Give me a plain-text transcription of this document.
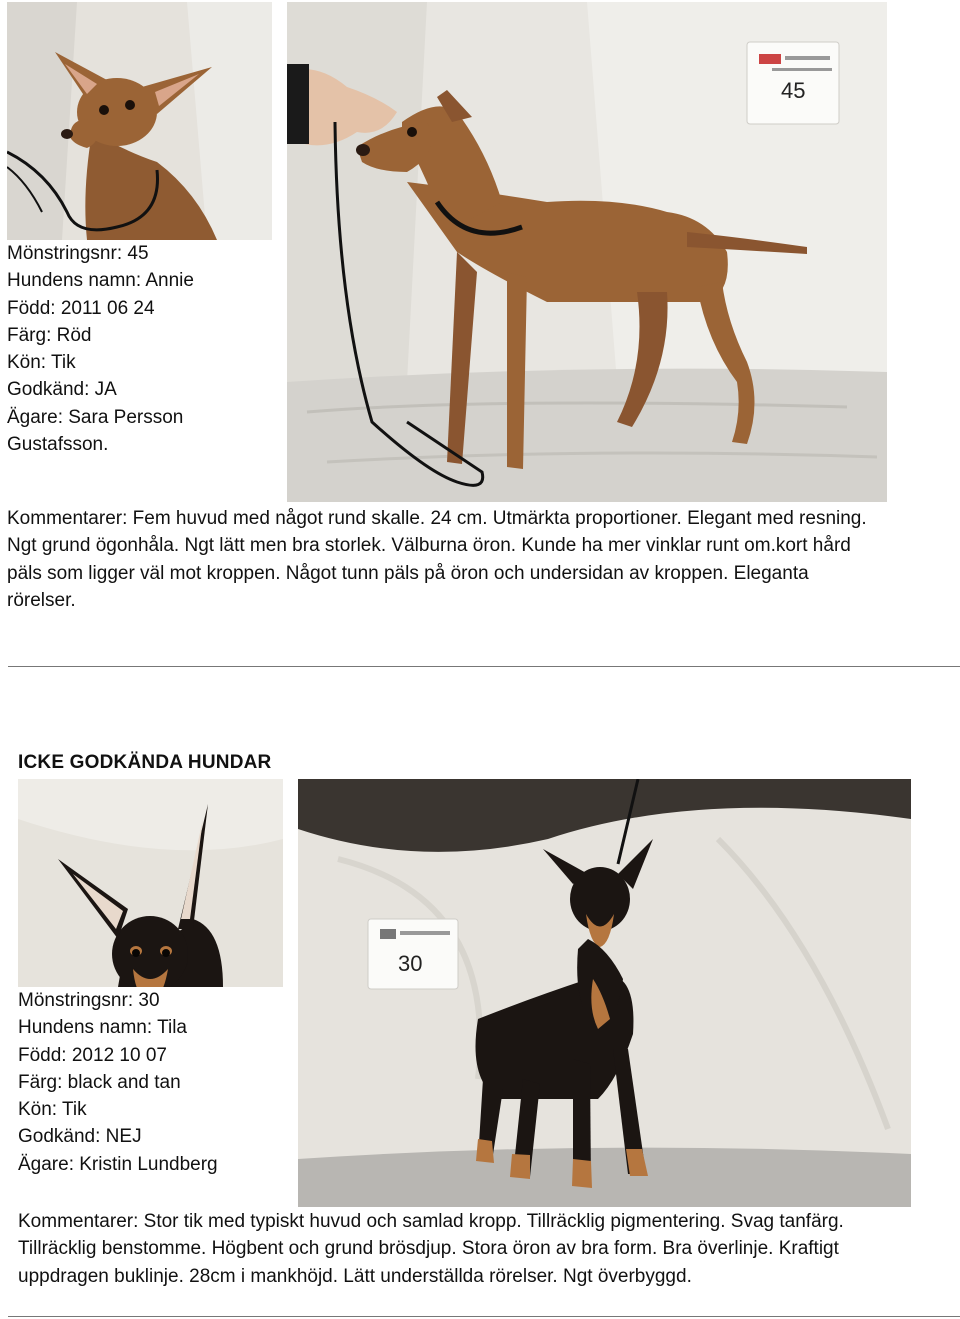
45
Mönstringsnr: 45
Hundens namn: Annie
Född: 2011 06 24
Färg: Röd
Kön: Tik
Godkänd: JA
Ägare: Sara Persson
Gustafsson.
Kommentarer: Fem huvud med något rund skalle. 24 cm. Utmärkta proportioner. Elegant med resning.
Ngt grund ögonhåla. Ngt lätt men bra storlek. Välburna öron. Kunde ha mer vinklar runt om.kort hård
päls som ligger väl mot kroppen. Något tunn päls på öron och undersidan av kroppen. Eleganta
rörelser.
ICKE GODKÄNDA HUNDAR
30
Mönstringsnr: 30
Hundens namn: Tila
Född: 2012 10 07
Färg: black and tan
Kön: Tik
Godkänd: NEJ
Ägare: Kristin Lundberg
Kommentarer: Stor tik med typiskt huvud och samlad kropp. Tillräcklig pigmentering. Svag tanfärg.
Tillräcklig benstomme. Högbent och grund brösdjup. Stora öron av bra form. Bra överlinje. Kraftigt
uppdragen buklinje. 28cm i mankhöjd. Lätt underställda rörelser. Ngt överbyggd.
